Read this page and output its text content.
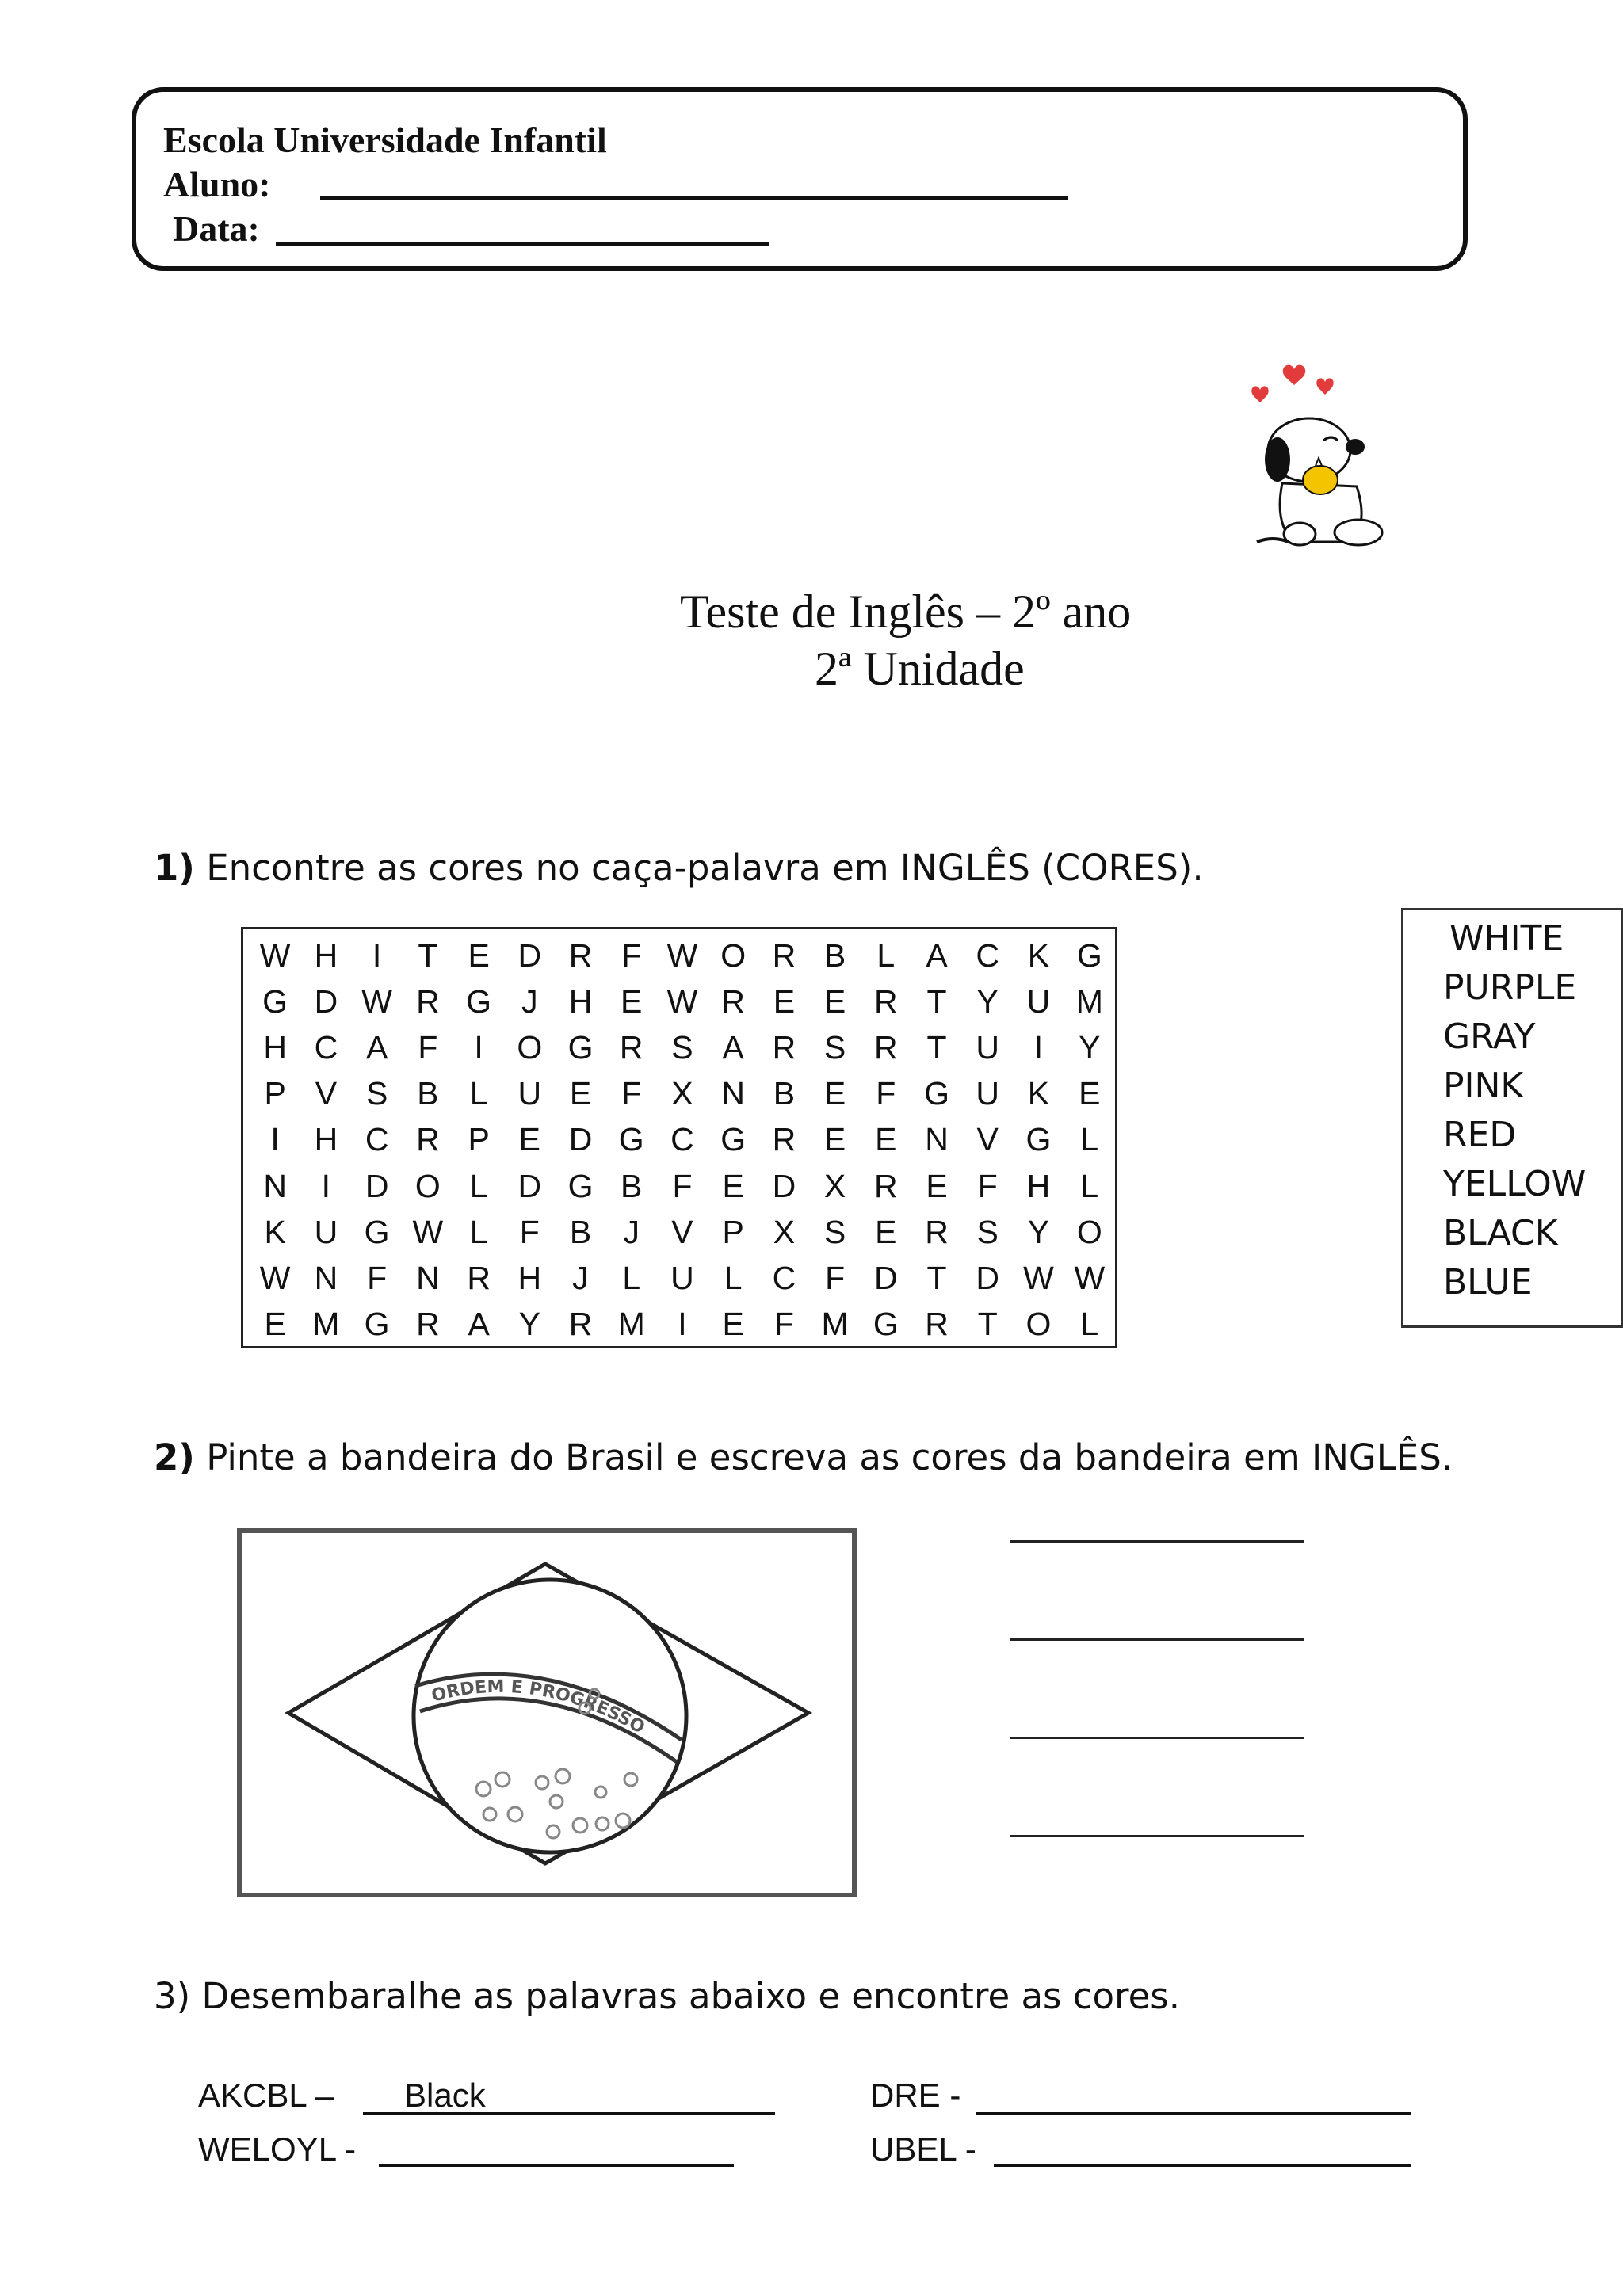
Escola Universidade Infantil
Aluno:
Data:
Teste de Inglês – 2º ano
2ª Unidade
1) Encontre as cores no caça-palavra em INGLÊS (CORES).
W	H	I	T	E	D	R	F	W	O	R	B	L	A	C	K	G
G	D	W	R	G	J	H	E	W	R	E	E	R	T	Y	U	M
H	C	A	F	I	O	G	R	S	A	R	S	R	T	U	I	Y
P	V	S	B	L	U	E	F	X	N	B	E	F	G	U	K	E
I	H	C	R	P	E	D	G	C	G	R	E	E	N	V	G	L
N	I	D	O	L	D	G	B	F	E	D	X	R	E	F	H	L
K	U	G	W	L	F	B	J	V	P	X	S	E	R	S	Y	O
W	N	F	N	R	H	J	L	U	L	C	F	D	T	D	W	W
E	M	G	R	A	Y	R	M	I	E	F	M	G	R	T	O	L
WHITE
PURPLE
GRAY
PINK
RED
YELLOW
BLACK
BLUE
2) Pinte a bandeira do Brasil e escreva as cores da bandeira em INGLÊS.
ORDEM E PROGRESSO
3) Desembaralhe as palavras abaixo e encontre as cores.
AKCBL – Black	DRE -
WELOYL -	UBEL -
